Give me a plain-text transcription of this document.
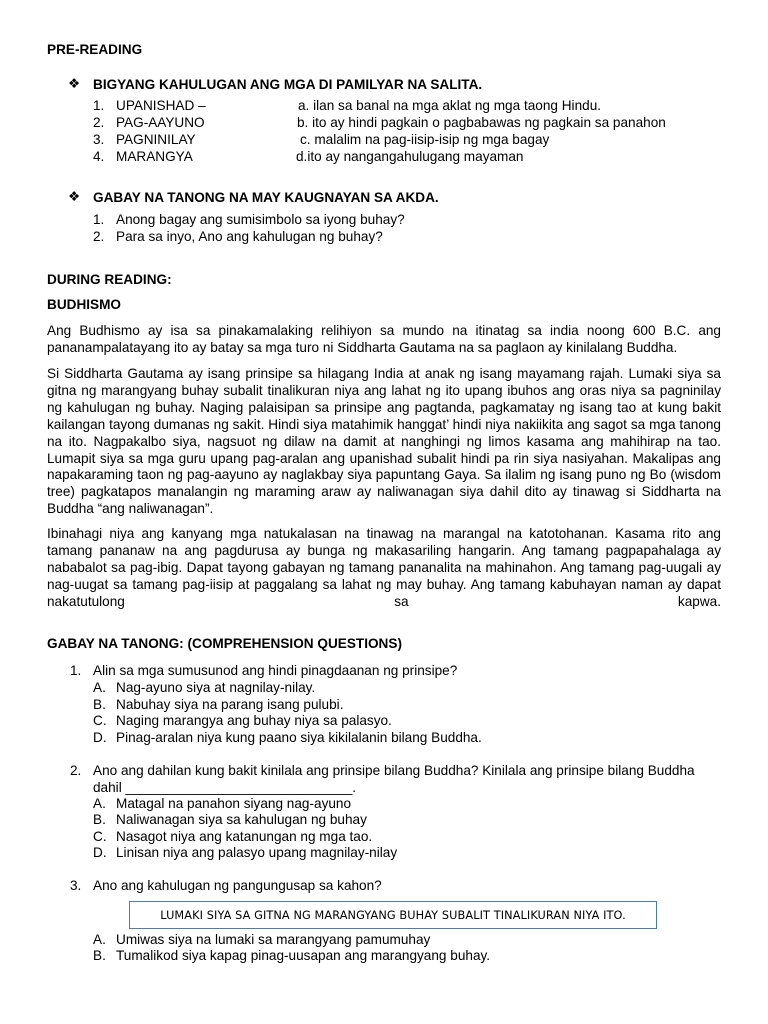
PRE-READING
❖ BIGYANG KAHULUGAN ANG MGA DI PAMILYAR NA SALITA.
1. UPANISHAD –	a. ilan sa banal na mga aklat ng mga taong Hindu.
2. PAG-AAYUNO	b. ito ay hindi pagkain o pagbabawas ng pagkain sa panahon
3. PAGNINILAY	c. malalim na pag-iisip-isip ng mga bagay
4. MARANGYA	d.ito ay nangangahulugang mayaman
❖ GABAY NA TANONG NA MAY KAUGNAYAN SA AKDA.
1. Anong bagay ang sumisimbolo sa iyong buhay?
2. Para sa inyo, Ano ang kahulugan ng buhay?
DURING READING:
BUDHISMO
Ang Budhismo ay isa sa pinakamalaking relihiyon sa mundo na itinatag sa india noong 600 B.C. ang pananampalatayang ito ay batay sa mga turo ni Siddharta Gautama na sa paglaon ay kinilalang Buddha.
Si Siddharta Gautama ay isang prinsipe sa hilagang India at anak ng isang mayamang rajah. Lumaki siya sa gitna ng marangyang buhay subalit tinalikuran niya ang lahat ng ito upang ibuhos ang oras niya sa pagninilay ng kahulugan ng buhay. Naging palaisipan sa prinsipe ang pagtanda, pagkamatay ng isang tao at kung bakit kailangan tayong dumanas ng sakit. Hindi siya matahimik hanggat’ hindi niya nakiikita ang sagot sa mga tanong na ito. Nagpakalbo siya, nagsuot ng dilaw na damit at nanghingi ng limos kasama ang mahihirap na tao. Lumapit siya sa mga guru upang pag-aralan ang upanishad subalit hindi pa rin siya nasiyahan. Makalipas ang napakaraming taon ng pag-aayuno ay naglakbay siya papuntang Gaya. Sa ilalim ng isang puno ng Bo (wisdom tree) pagkatapos manalangin ng maraming araw ay naliwanagan siya dahil dito ay tinawag si Siddharta na Buddha “ang naliwanagan”.
Ibinahagi niya ang kanyang mga natukalasan na tinawag na marangal na katotohanan. Kasama rito ang tamang pananaw na ang pagdurusa ay bunga ng makasariling hangarin. Ang tamang pagpapahalaga ay nababalot sa pag-ibig. Dapat tayong gabayan ng tamang pananalita na mahinahon. Ang tamang pag-uugali ay nag-uugat sa tamang pag-iisip at paggalang sa lahat ng may buhay. Ang tamang kabuhayan naman ay dapat nakatutulong sa kapwa.
GABAY NA TANONG: (COMPREHENSION QUESTIONS)
1. Alin sa mga sumusunod ang hindi pinagdaanan ng prinsipe?
A. Nag-ayuno siya at nagnilay-nilay.
B. Nabuhay siya na parang isang pulubi.
C. Naging marangya ang buhay niya sa palasyo.
D. Pinag-aralan niya kung paano siya kikilalanin bilang Buddha.
2. Ano ang dahilan kung bakit kinilala ang prinsipe bilang Buddha? Kinilala ang prinsipe bilang Buddha dahil ______________________________.
A. Matagal na panahon siyang nag-ayuno
B. Naliwanagan siya sa kahulugan ng buhay
C. Nasagot niya ang katanungan ng mga tao.
D. Linisan niya ang palasyo upang magnilay-nilay
3. Ano ang kahulugan ng pangungusap sa kahon?
LUMAKI SIYA SA GITNA NG MARANGYANG BUHAY SUBALIT TINALIKURAN NIYA ITO.
A. Umiwas siya na lumaki sa marangyang pamumuhay
B. Tumalikod siya kapag pinag-uusapan ang marangyang buhay.
